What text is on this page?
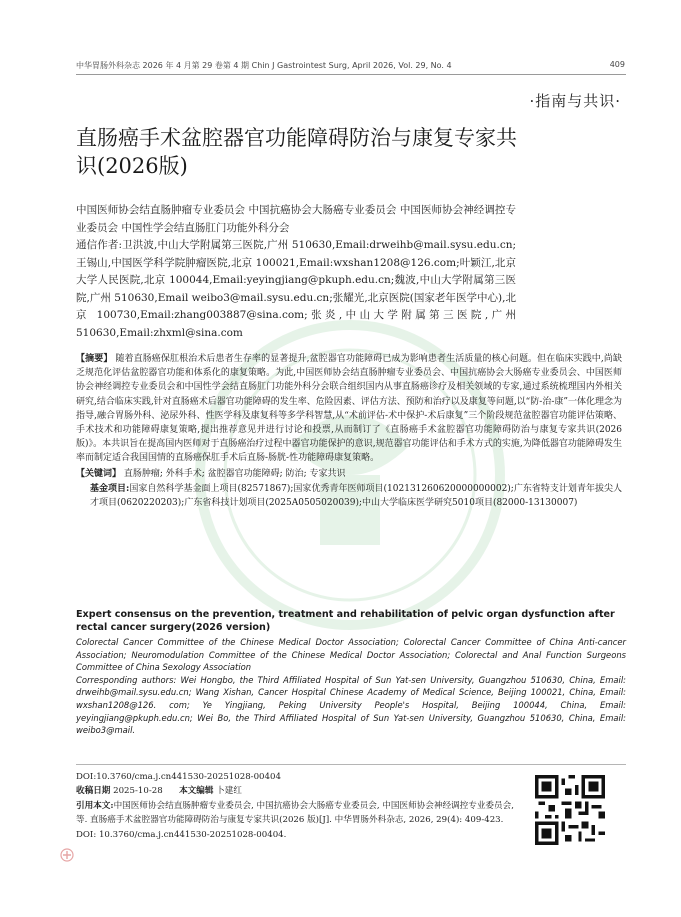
中华胃肠外科杂志 2026 年 4 月第 29 卷第 4 期 Chin J Gastrointest Surg, April 2026, Vol. 29, No. 4	409
·指南与共识·
直肠癌手术盆腔器官功能障碍防治与康复专家共识(2026版)
中国医师协会结直肠肿瘤专业委员会 中国抗癌协会大肠癌专业委员会 中国医师协会神经调控专业委员会 中国性学会结直肠肛门功能外科分会
通信作者:卫洪波,中山大学附属第三医院,广州 510630,Email:drweihb@mail.sysu.edu.cn;王锡山,中国医学科学院肿瘤医院,北京 100021,Email:wxshan1208@126.com;叶颖江,北京大学人民医院,北京 100044,Email:yeyingjiang@pkuph.edu.cn;魏波,中山大学附属第三医院,广州 510630,Email weibo3@mail.sysu.edu.cn;张耀光,北京医院(国家老年医学中心),北京 100730,Email:zhang003887@sina.com;张炎,中山大学附属第三医院,广州 510630,Email:zhxml@sina.com
【摘要】 随着直肠癌保肛根治术后患者生存率的显著提升,盆腔器官功能障碍已成为影响患者生活质量的核心问题。但在临床实践中,尚缺乏规范化评估盆腔器官功能和体系化的康复策略。为此,中国医师协会结直肠肿瘤专业委员会、中国抗癌协会大肠癌专业委员会、中国医师协会神经调控专业委员会和中国性学会结直肠肛门功能外科分会联合组织国内从事直肠癌诊疗及相关领域的专家,通过系统梳理国内外相关研究,结合临床实践,针对直肠癌术后器官功能障碍的发生率、危险因素、评估方法、预防和治疗以及康复等问题,以“防-治-康”一体化理念为指导,融合胃肠外科、泌尿外科、性医学科及康复科等多学科智慧,从“术前评估-术中保护-术后康复”三个阶段规范盆腔器官功能评估策略、手术技术和功能障碍康复策略,提出推荐意见并进行讨论和投票,从而制订了《直肠癌手术盆腔器官功能障碍防治与康复专家共识(2026版)》。本共识旨在提高国内医师对于直肠癌治疗过程中器官功能保护的意识,规范器官功能评估和手术方式的实施,为降低器官功能障碍发生率而制定适合我国国情的直肠癌保肛手术后直肠-肠胱-性功能障碍康复策略。
【关键词】 直肠肿瘤; 外科手术; 盆腔器官功能障碍; 防治; 专家共识
基金项目:国家自然科学基金面上项目(82571867);国家优秀青年医师项目(102131260620000000002);广东省特支计划青年拔尖人才项目(0620220203);广东省科技计划项目(2025A0505020039);中山大学临床医学研究5010项目(82000-13130007)
Expert consensus on the prevention, treatment and rehabilitation of pelvic organ dysfunction after rectal cancer surgery(2026 version)
Colorectal Cancer Committee of the Chinese Medical Doctor Association; Colorectal Cancer Committee of China Anti-cancer Association; Neuromodulation Committee of the Chinese Medical Doctor Association; Colorectal and Anal Function Surgeons Committee of China Sexology Association
Corresponding authors: Wei Hongbo, the Third Affiliated Hospital of Sun Yat-sen University, Guangzhou 510630, China, Email: drweihb@mail.sysu.edu.cn; Wang Xishan, Cancer Hospital Chinese Academy of Medical Science, Beijing 100021, China, Email: wxshan1208@126. com; Ye Yingjiang, Peking University People's Hospital, Beijing 100044, China, Email: yeyingjiang@pkuph.edu.cn; Wei Bo, the Third Affiliated Hospital of Sun Yat-sen University, Guangzhou 510630, China, Email: weibo3@mail.
DOI:10.3760/cma.j.cn441530-20251028-00404
收稿日期 2025-10-28 本文编辑 卜建红
引用本文:中国医师协会结直肠肿瘤专业委员会, 中国抗癌协会大肠癌专业委员会, 中国医师协会神经调控专业委员会, 等. 直肠癌手术盆腔器官功能障碍防治与康复专家共识(2026 版)[J]. 中华胃肠外科杂志, 2026, 29(4): 409-423. DOI: 10.3760/cma.j.cn441530-20251028-00404.
